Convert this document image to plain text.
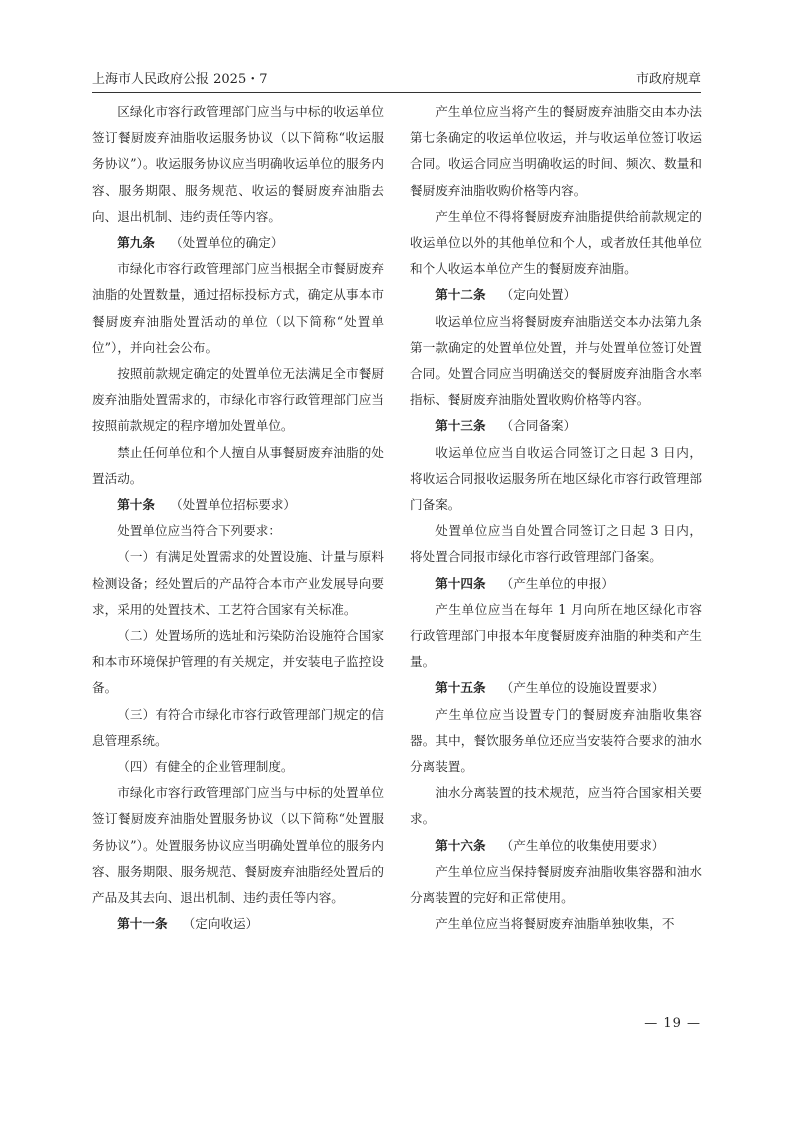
上海市人民政府公报 2025・7	市政府规章

区绿化市容行政管理部门应当与中标的收运单位签订餐厨废弃油脂收运服务协议（以下简称“收运服务协议”）。收运服务协议应当明确收运单位的服务内容、服务期限、服务规范、收运的餐厨废弃油脂去向、退出机制、违约责任等内容。

第九条 （处置单位的确定）

市绿化市容行政管理部门应当根据全市餐厨废弃油脂的处置数量，通过招标投标方式，确定从事本市餐厨废弃油脂处置活动的单位（以下简称“处置单位”），并向社会公布。

按照前款规定确定的处置单位无法满足全市餐厨废弃油脂处置需求的，市绿化市容行政管理部门应当按照前款规定的程序增加处置单位。

禁止任何单位和个人擅自从事餐厨废弃油脂的处置活动。

第十条 （处置单位招标要求）

处置单位应当符合下列要求：

（一）有满足处置需求的处置设施、计量与原料检测设备；经处置后的产品符合本市产业发展导向要求，采用的处置技术、工艺符合国家有关标准。

（二）处置场所的选址和污染防治设施符合国家和本市环境保护管理的有关规定，并安装电子监控设备。

（三）有符合市绿化市容行政管理部门规定的信息管理系统。

（四）有健全的企业管理制度。

市绿化市容行政管理部门应当与中标的处置单位签订餐厨废弃油脂处置服务协议（以下简称“处置服务协议”）。处置服务协议应当明确处置单位的服务内容、服务期限、服务规范、餐厨废弃油脂经处置后的产品及其去向、退出机制、违约责任等内容。

第十一条 （定向收运）

产生单位应当将产生的餐厨废弃油脂交由本办法第七条确定的收运单位收运，并与收运单位签订收运合同。收运合同应当明确收运的时间、频次、数量和餐厨废弃油脂收购价格等内容。

产生单位不得将餐厨废弃油脂提供给前款规定的收运单位以外的其他单位和个人，或者放任其他单位和个人收运本单位产生的餐厨废弃油脂。

第十二条 （定向处置）

收运单位应当将餐厨废弃油脂送交本办法第九条第一款确定的处置单位处置，并与处置单位签订处置合同。处置合同应当明确送交的餐厨废弃油脂含水率指标、餐厨废弃油脂处置收购价格等内容。

第十三条 （合同备案）

收运单位应当自收运合同签订之日起 3 日内，将收运合同报收运服务所在地区绿化市容行政管理部门备案。

处置单位应当自处置合同签订之日起 3 日内，将处置合同报市绿化市容行政管理部门备案。

第十四条 （产生单位的申报）

产生单位应当在每年 1 月向所在地区绿化市容行政管理部门申报本年度餐厨废弃油脂的种类和产生量。

第十五条 （产生单位的设施设置要求）

产生单位应当设置专门的餐厨废弃油脂收集容器。其中，餐饮服务单位还应当安装符合要求的油水分离装置。

油水分离装置的技术规范，应当符合国家相关要求。

第十六条 （产生单位的收集使用要求）

产生单位应当保持餐厨废弃油脂收集容器和油水分离装置的完好和正常使用。

产生单位应当将餐厨废弃油脂单独收集，不

— 19 —
